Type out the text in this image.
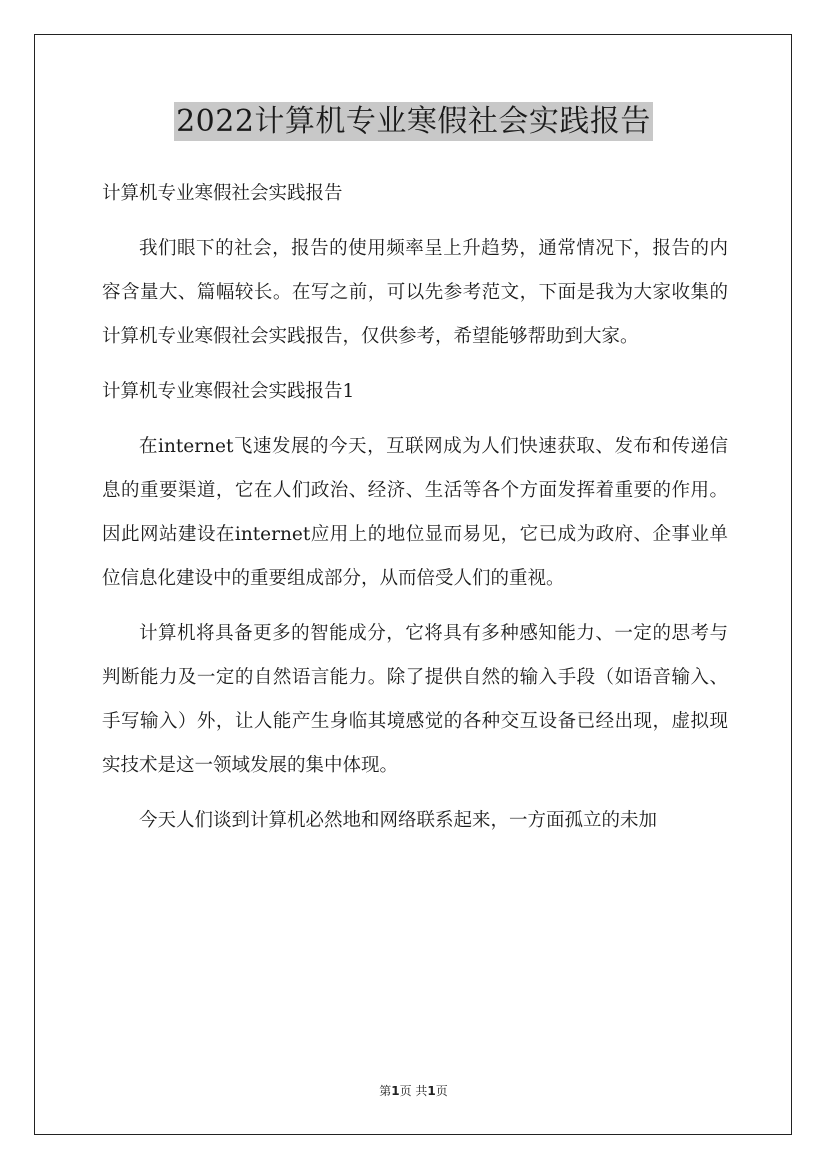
2022计算机专业寒假社会实践报告

计算机专业寒假社会实践报告

我们眼下的社会，报告的使用频率呈上升趋势，通常情况下，报告的内容含量大、篇幅较长。在写之前，可以先参考范文，下面是我为大家收集的计算机专业寒假社会实践报告，仅供参考，希望能够帮助到大家。

计算机专业寒假社会实践报告1

在internet飞速发展的今天，互联网成为人们快速获取、发布和传递信息的重要渠道，它在人们政治、经济、生活等各个方面发挥着重要的作用。因此网站建设在internet应用上的地位显而易见，它已成为政府、企事业单位信息化建设中的重要组成部分，从而倍受人们的重视。

计算机将具备更多的智能成分，它将具有多种感知能力、一定的思考与判断能力及一定的自然语言能力。除了提供自然的输入手段（如语音输入、手写输入）外，让人能产生身临其境感觉的各种交互设备已经出现，虚拟现实技术是这一领域发展的集中体现。

今天人们谈到计算机必然地和网络联系起来，一方面孤立的未加

第1页 共1页
